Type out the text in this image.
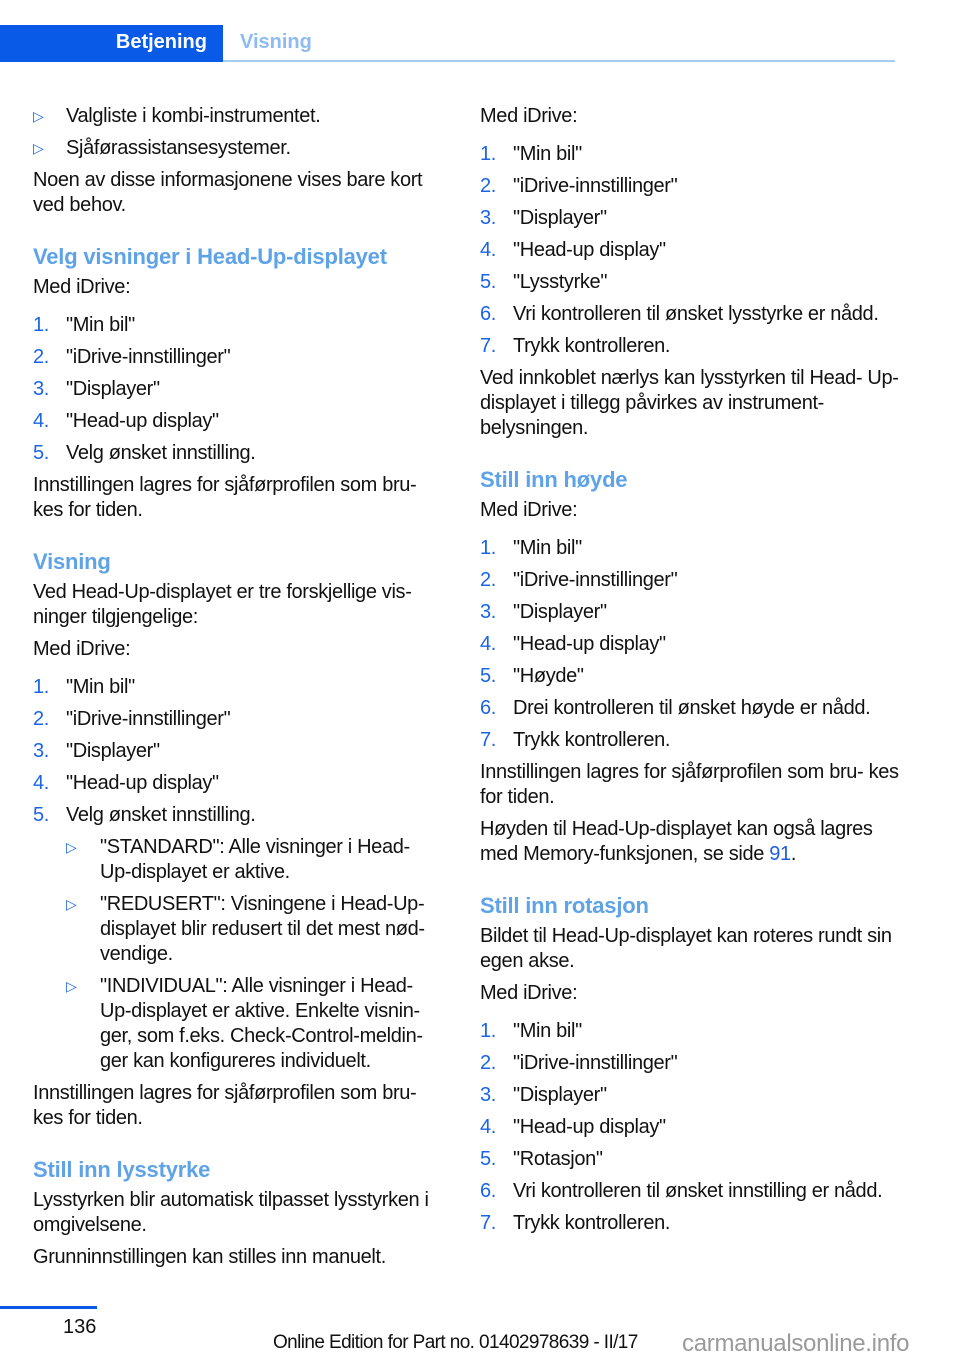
Betjening Visning
▷ Valgliste i kombi-instrumentet.
▷ Sjåførassistansesystemer.
Noen av disse informasjonene vises bare kort ved behov.
Velg visninger i Head-Up-displayet
Med iDrive:
1. "Min bil"
2. "iDrive-innstillinger"
3. "Displayer"
4. "Head-up display"
5. Velg ønsket innstilling.
Innstillingen lagres for sjåførprofilen som bru‐ kes for tiden.
Visning
Ved Head-Up-displayet er tre forskjellige vis‐ ninger tilgjengelige:
Med iDrive:
1. "Min bil"
2. "iDrive-innstillinger"
3. "Displayer"
4. "Head-up display"
5. Velg ønsket innstilling.
▷ "STANDARD": Alle visninger i Head- Up-displayet er aktive.
▷ "REDUSERT": Visningene i Head-Up- displayet blir redusert til det mest nød‐ vendige.
▷ "INDIVIDUAL": Alle visninger i Head- Up-displayet er aktive. Enkelte visnin‐ ger, som f.eks. Check-Control-meldin‐ ger kan konfigureres individuelt.
Innstillingen lagres for sjåførprofilen som bru‐ kes for tiden.
Still inn lysstyrke
Lysstyrken blir automatisk tilpasset lysstyrken i omgivelsene.
Grunninnstillingen kan stilles inn manuelt.
Med iDrive:
1. "Min bil"
2. "iDrive-innstillinger"
3. "Displayer"
4. "Head-up display"
5. "Lysstyrke"
6. Vri kontrolleren til ønsket lysstyrke er nådd.
7. Trykk kontrolleren.
Ved innkoblet nærlys kan lysstyrken til Head- Up-displayet i tillegg påvirkes av instrument‐ belysningen.
Still inn høyde
Med iDrive:
1. "Min bil"
2. "iDrive-innstillinger"
3. "Displayer"
4. "Head-up display"
5. "Høyde"
6. Drei kontrolleren til ønsket høyde er nådd.
7. Trykk kontrolleren.
Innstillingen lagres for sjåførprofilen som bru‐ kes for tiden.
Høyden til Head-Up-displayet kan også lagres med Memory-funksjonen, se side 91.
Still inn rotasjon
Bildet til Head-Up-displayet kan roteres rundt sin egen akse.
Med iDrive:
1. "Min bil"
2. "iDrive-innstillinger"
3. "Displayer"
4. "Head-up display"
5. "Rotasjon"
6. Vri kontrolleren til ønsket innstilling er nådd.
7. Trykk kontrolleren.
136
Online Edition for Part no. 01402978639 - II/17 carmanualsonline.info
